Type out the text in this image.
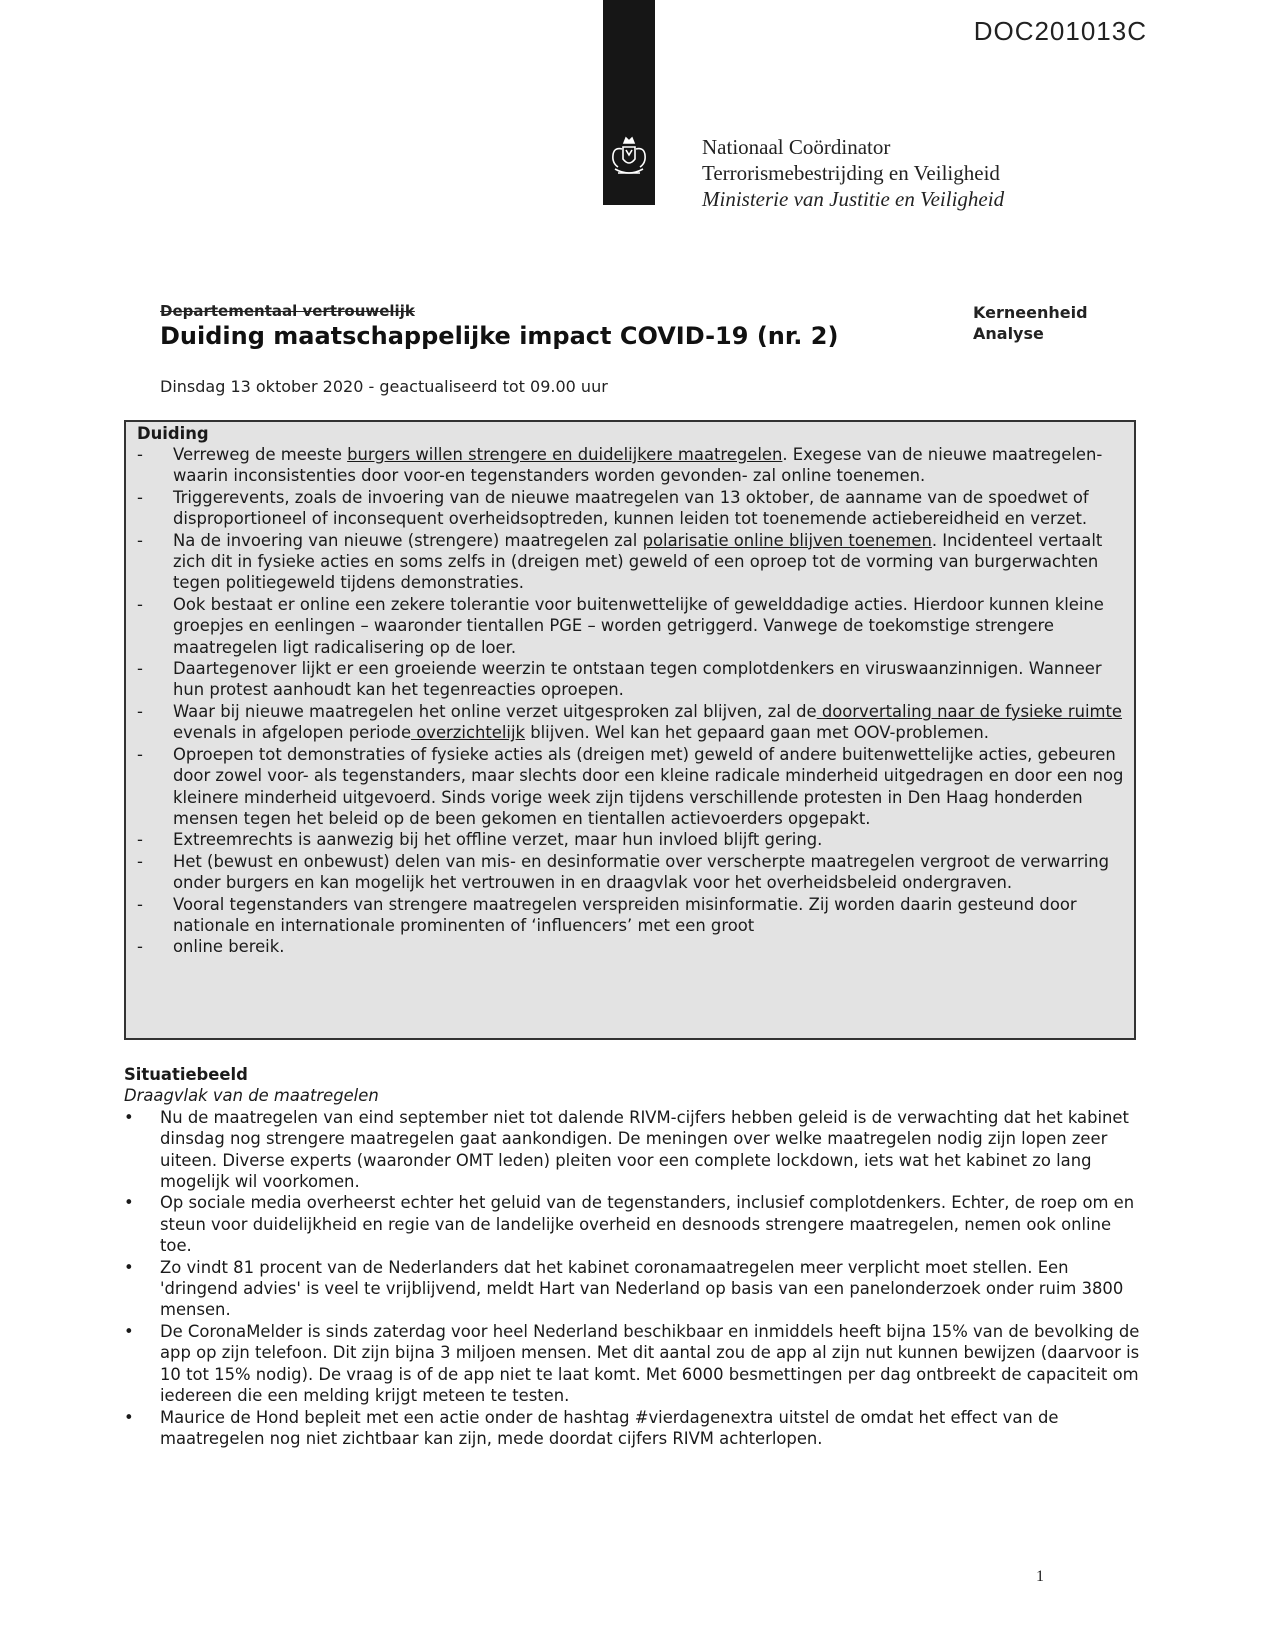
DOC201013C
Nationaal Coördinator
Terrorismebestrijding en Veiligheid
Ministerie van Justitie en Veiligheid
Departementaal vertrouwelijk
Duiding maatschappelijke impact COVID-19 (nr. 2)
Kerneenheid
Analyse
Dinsdag 13 oktober 2020 - geactualiseerd tot 09.00 uur

Duiding

- Verreweg de meeste burgers willen strengere en duidelijkere maatregelen. Exegese van de nieuwe maatregelen- waarin inconsistenties door voor-en tegenstanders worden gevonden- zal online toenemen.
- Triggerevents, zoals de invoering van de nieuwe maatregelen van 13 oktober, de aanname van de spoedwet of disproportioneel of inconsequent overheidsoptreden, kunnen leiden tot toenemende actiebereidheid en verzet.
- Na de invoering van nieuwe (strengere) maatregelen zal polarisatie online blijven toenemen. Incidenteel vertaalt zich dit in fysieke acties en soms zelfs in (dreigen met) geweld of een oproep tot de vorming van burgerwachten tegen politiegeweld tijdens demonstraties.
- Ook bestaat er online een zekere tolerantie voor buitenwettelijke of gewelddadige acties. Hierdoor kunnen kleine groepjes en eenlingen – waaronder tientallen PGE – worden getriggerd. Vanwege de toekomstige strengere maatregelen ligt radicalisering op de loer.
- Daartegenover lijkt er een groeiende weerzin te ontstaan tegen complotdenkers en viruswaanzinnigen. Wanneer hun protest aanhoudt kan het tegenreacties oproepen.
- Waar bij nieuwe maatregelen het online verzet uitgesproken zal blijven, zal de doorvertaling naar de fysieke ruimte evenals in afgelopen periode overzichtelijk blijven. Wel kan het gepaard gaan met OOV-problemen.
- Oproepen tot demonstraties of fysieke acties als (dreigen met) geweld of andere buitenwettelijke acties, gebeuren door zowel voor- als tegenstanders, maar slechts door een kleine radicale minderheid uitgedragen en door een nog kleinere minderheid uitgevoerd. Sinds vorige week zijn tijdens verschillende protesten in Den Haag honderden mensen tegen het beleid op de been gekomen en tientallen actievoerders opgepakt.
- Extreemrechts is aanwezig bij het offline verzet, maar hun invloed blijft gering.
- Het (bewust en onbewust) delen van mis- en desinformatie over verscherpte maatregelen vergroot de verwarring onder burgers en kan mogelijk het vertrouwen in en draagvlak voor het overheidsbeleid ondergraven.
- Vooral tegenstanders van strengere maatregelen verspreiden misinformatie. Zij worden daarin gesteund door nationale en internationale prominenten of ‘influencers’ met een groot
- online bereik.
Situatiebeeld

Draagvlak van de maatregelen

• Nu de maatregelen van eind september niet tot dalende RIVM-cijfers hebben geleid is de verwachting dat het kabinet dinsdag nog strengere maatregelen gaat aankondigen. De meningen over welke maatregelen nodig zijn lopen zeer uiteen. Diverse experts (waaronder OMT leden) pleiten voor een complete lockdown, iets wat het kabinet zo lang mogelijk wil voorkomen.
• Op sociale media overheerst echter het geluid van de tegenstanders, inclusief complotdenkers. Echter, de roep om en steun voor duidelijkheid en regie van de landelijke overheid en desnoods strengere maatregelen, nemen ook online toe.
• Zo vindt 81 procent van de Nederlanders dat het kabinet coronamaatregelen meer verplicht moet stellen. Een 'dringend advies' is veel te vrijblijvend, meldt Hart van Nederland op basis van een panelonderzoek onder ruim 3800 mensen.
• De CoronaMelder is sinds zaterdag voor heel Nederland beschikbaar en inmiddels heeft bijna 15% van de bevolking de app op zijn telefoon. Dit zijn bijna 3 miljoen mensen. Met dit aantal zou de app al zijn nut kunnen bewijzen (daarvoor is 10 tot 15% nodig). De vraag is of de app niet te laat komt. Met 6000 besmettingen per dag ontbreekt de capaciteit om iedereen die een melding krijgt meteen te testen.
• Maurice de Hond bepleit met een actie onder de hashtag #vierdagenextra uitstel de omdat het effect van de maatregelen nog niet zichtbaar kan zijn, mede doordat cijfers RIVM achterlopen.
1
